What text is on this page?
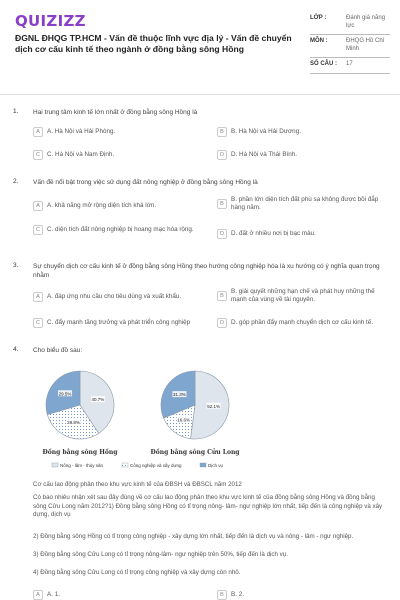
QUIZIZZ
ĐGNL ĐHQG TP.HCM - Vấn đề thuộc lĩnh vực địa lý - Vấn đề chuyển dịch cơ cấu kinh tế theo ngành ở đồng bằng sông Hồng
LỚP :	Đánh giá năng lực
MÔN :	ĐHQG Hồ Chí Minh
SỐ CÂU :	17
1. Hai trung tâm kinh tế lớn nhất ở đồng bằng sông Hồng là
A	A. Hà Nội và Hải Phòng.	B	B. Hà Nội và Hải Dương.
C	C. Hà Nội và Nam Định.	D	D. Hà Nội và Thái Bình.
2. Vấn đề nổi bật trong việc sử dụng đất nông nghiệp ở đồng bằng sông Hồng là
A	A. khả năng mở rộng diện tích khá lớn.	B
B. phần lớn diện tích đất phù sa không được bồi đắp hàng năm.
C	C. diện tích đất nông nghiệp bị hoang mạc hóa rộng.
D	D. đất ở nhiều nơi bị bạc màu.
3. Sự chuyển dịch cơ cấu kinh tế ở đồng bằng sông Hồng theo hướng công nghiệp hóa là xu hướng có ý nghĩa quan trọng nhằm
A	A. đáp ứng nhu cầu cho tiêu dùng và xuất khẩu.	B
B. giải quyết những hạn chế và phát huy những thế mạnh của vùng về tài nguyên.
C	C. đẩy mạnh tăng trưởng và phát triển công nghiệp	D	D. góp phần đẩy mạnh chuyển dịch cơ cấu kinh tế.
4. Cho biểu đồ sau:
40.7%
29.8%
29.5%
52.1%
16.6%
31.3%
Đồng bằng sông Hồng	Đồng bằng sông Cửu Long
Nông - lâm - thủy sản	Công nghiệp và xây dựng	Dịch vụ
Cơ cấu lao động phân theo khu vực kinh tế của ĐBSH và ĐBSCL năm 2012
Có bao nhiêu nhận xét sau đây đúng về cơ cấu lao động phân theo khu vực kinh tế của đồng bằng sông Hồng và đồng bằng sông Cửu Long năm 2012?1) Đồng bằng sông Hồng có tỉ trọng nông- lâm- ngư nghiệp lớn nhất, tiếp đến là công nghiệp và xây dựng, dịch vụ
2) Đồng bằng sông Hồng có tỉ trọng công nghiệp - xây dựng lớn nhất, tiếp đến là dịch vụ và nông - lâm - ngư nghiệp.
3) Đồng bằng sông Cửu Long có tỉ trọng nông-lâm- ngư nghiệp trên 50%, tiếp đến là dịch vụ.
4) Đồng bằng sông Cửu Long có tỉ trọng công nghiệp và xây dựng còn nhỏ.
A	A. 1.	B	B. 2.
